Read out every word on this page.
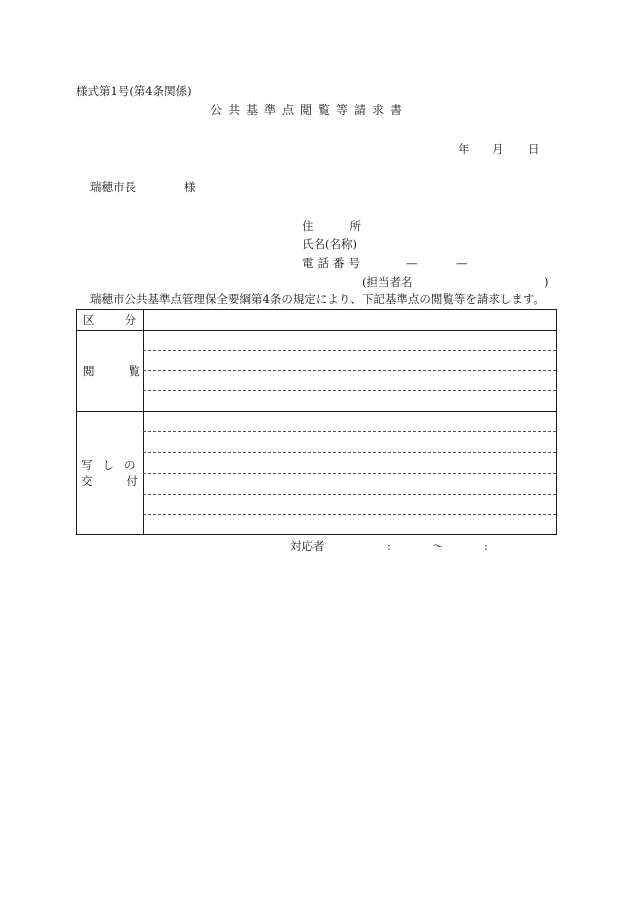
様式第1号(第4条関係)
公共基準点閲覧等請求書
年 月 日
瑞穂市長	様
住所
氏名(名称)
電話番号	—	—
(担当者名	)
瑞穂市公共基準点管理保全要綱第4条の規定により、下記基準点の閲覧等を請求します。
区分
閲覧
写しの
交付
対応者	:	〜	:
